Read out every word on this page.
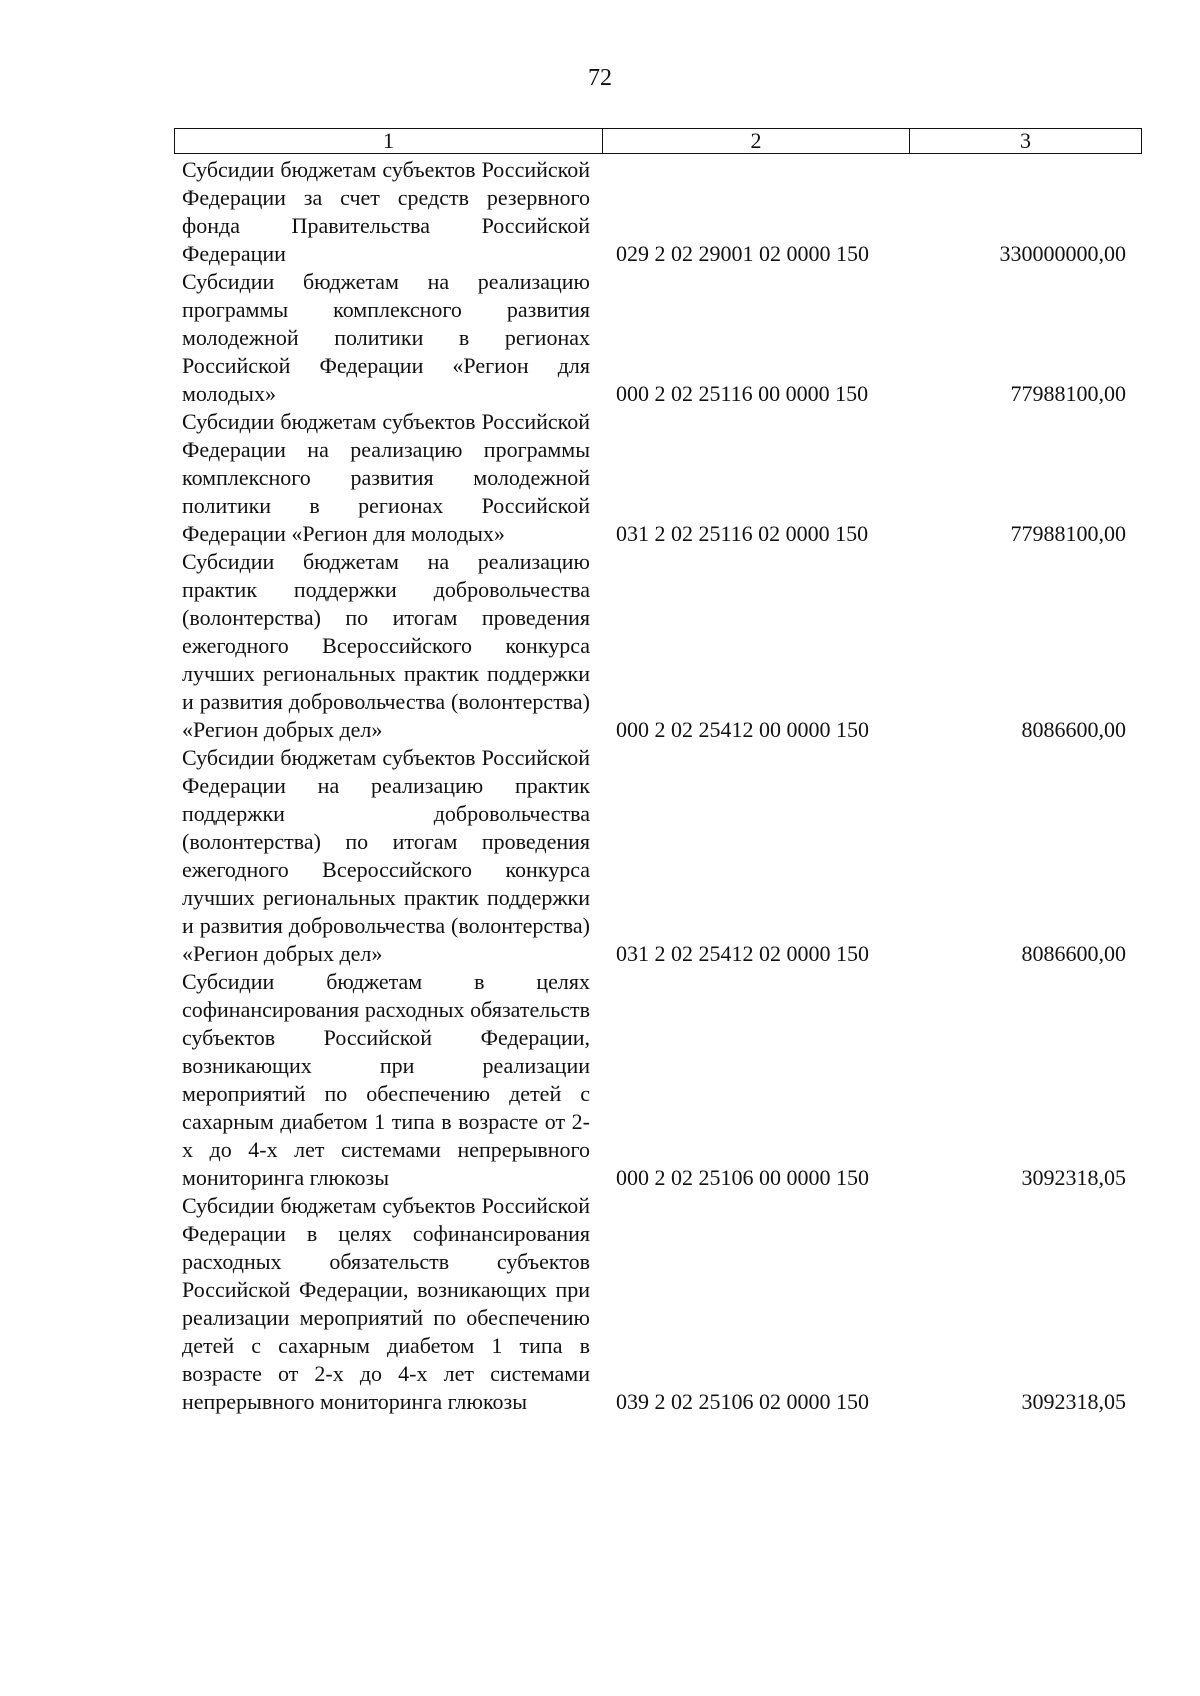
72
1	2	3
Субсидии бюджетам субъектов Российской Федерации за счет средств резервного фонда Правительства Российской Федерации	029 2 02 29001 02 0000 150	330000000,00
Субсидии бюджетам на реализацию программы комплексного развития молодежной политики в регионах Российской Федерации «Регион для молодых»	000 2 02 25116 00 0000 150	77988100,00
Субсидии бюджетам субъектов Российской Федерации на реализацию программы комплексного развития молодежной политики в регионах Российской Федерации «Регион для молодых»	031 2 02 25116 02 0000 150	77988100,00
Субсидии бюджетам на реализацию практик поддержки добровольчества (волонтерства) по итогам проведения ежегодного Всероссийского конкурса лучших региональных практик поддержки и развития добровольчества (волонтерства) «Регион добрых дел»	000 2 02 25412 00 0000 150	8086600,00
Субсидии бюджетам субъектов Российской Федерации на реализацию практик поддержки добровольчества (волонтерства) по итогам проведения ежегодного Всероссийского конкурса лучших региональных практик поддержки и развития добровольчества (волонтерства) «Регион добрых дел»	031 2 02 25412 02 0000 150	8086600,00
Субсидии бюджетам в целях софинансирования расходных обязательств субъектов Российской Федерации, возникающих при реализации мероприятий по обеспечению детей с сахарным диабетом 1 типа в возрасте от 2-х до 4-х лет системами непрерывного мониторинга глюкозы	000 2 02 25106 00 0000 150	3092318,05
Субсидии бюджетам субъектов Российской Федерации в целях софинансирования расходных обязательств субъектов Российской Федерации, возникающих при реализации мероприятий по обеспечению детей с сахарным диабетом 1 типа в возрасте от 2-х до 4-х лет системами непрерывного мониторинга глюкозы	039 2 02 25106 02 0000 150	3092318,05
